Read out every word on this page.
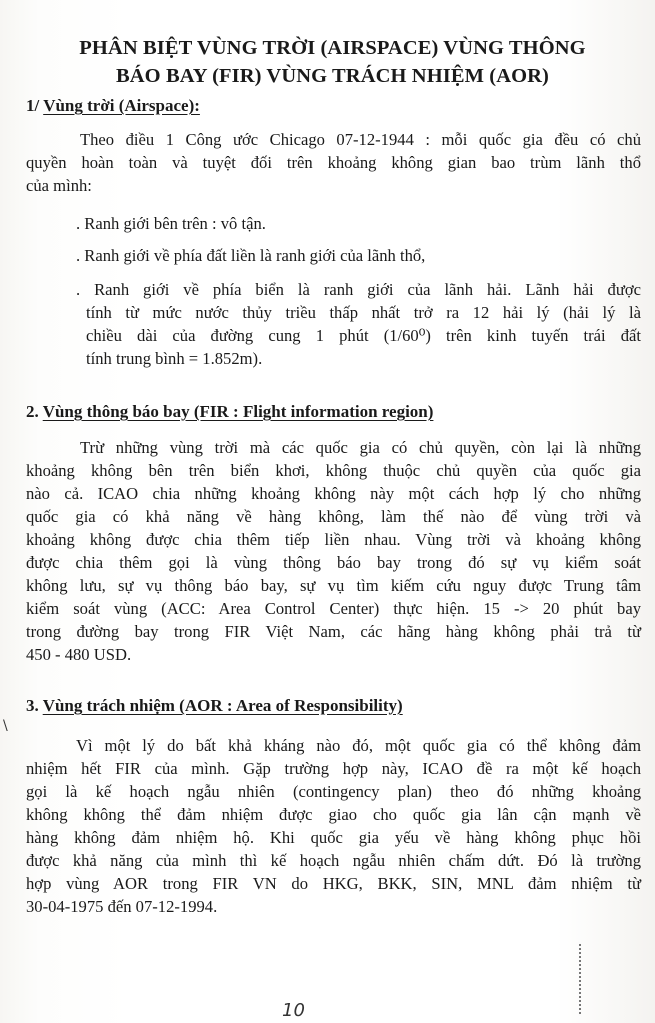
PHÂN BIỆT VÙNG TRỜI (AIRSPACE) VÙNG THÔNG
BÁO BAY (FIR) VÙNG TRÁCH NHIỆM (AOR)
1/ Vùng trời (Airspace):
Theo điều 1 Công ước Chicago 07-12-1944 : mỗi quốc gia đều có chủ
quyền hoàn toàn và tuyệt đối trên khoảng không gian bao trùm lãnh thổ
của mình:
. Ranh giới bên trên : vô tận.
. Ranh giới về phía đất liền là ranh giới của lãnh thổ,
. Ranh giới về phía biển là ranh giới của lãnh hải. Lãnh hải được
tính từ mức nước thủy triều thấp nhất trở ra 12 hải lý (hải lý là
chiều dài của đường cung 1 phút (1/60⁰) trên kinh tuyến trái đất
tính trung bình = 1.852m).
2. Vùng thông báo bay (FIR : Flight information region)
Trừ những vùng trời mà các quốc gia có chủ quyền, còn lại là những
khoảng không bên trên biển khơi, không thuộc chủ quyền của quốc gia
nào cả. ICAO chia những khoảng không này một cách hợp lý cho những
quốc gia có khả năng về hàng không, làm thế nào để vùng trời và
khoảng không được chia thêm tiếp liền nhau. Vùng trời và khoảng không
được chia thêm gọi là vùng thông báo bay trong đó sự vụ kiểm soát
không lưu, sự vụ thông báo bay, sự vụ tìm kiếm cứu nguy được Trung tâm
kiểm soát vùng (ACC: Area Control Center) thực hiện. 15 -> 20 phút bay
trong đường bay trong FIR Việt Nam, các hãng hàng không phải trả từ
450 - 480 USD.
\
3. Vùng trách nhiệm (AOR : Area of Responsibility)
Vì một lý do bất khả kháng nào đó, một quốc gia có thể không đảm
nhiệm hết FIR của mình. Gặp trường hợp này, ICAO đề ra một kế hoạch
gọi là kế hoạch ngẫu nhiên (contingency plan) theo đó những khoảng
không không thể đảm nhiệm được giao cho quốc gia lân cận mạnh về
hàng không đảm nhiệm hộ. Khi quốc gia yếu về hàng không phục hồi
được khả năng của mình thì kế hoạch ngẫu nhiên chấm dứt. Đó là trường
hợp vùng AOR trong FIR VN do HKG, BKK, SIN, MNL đảm nhiệm từ
30-04-1975 đến 07-12-1994.
10
